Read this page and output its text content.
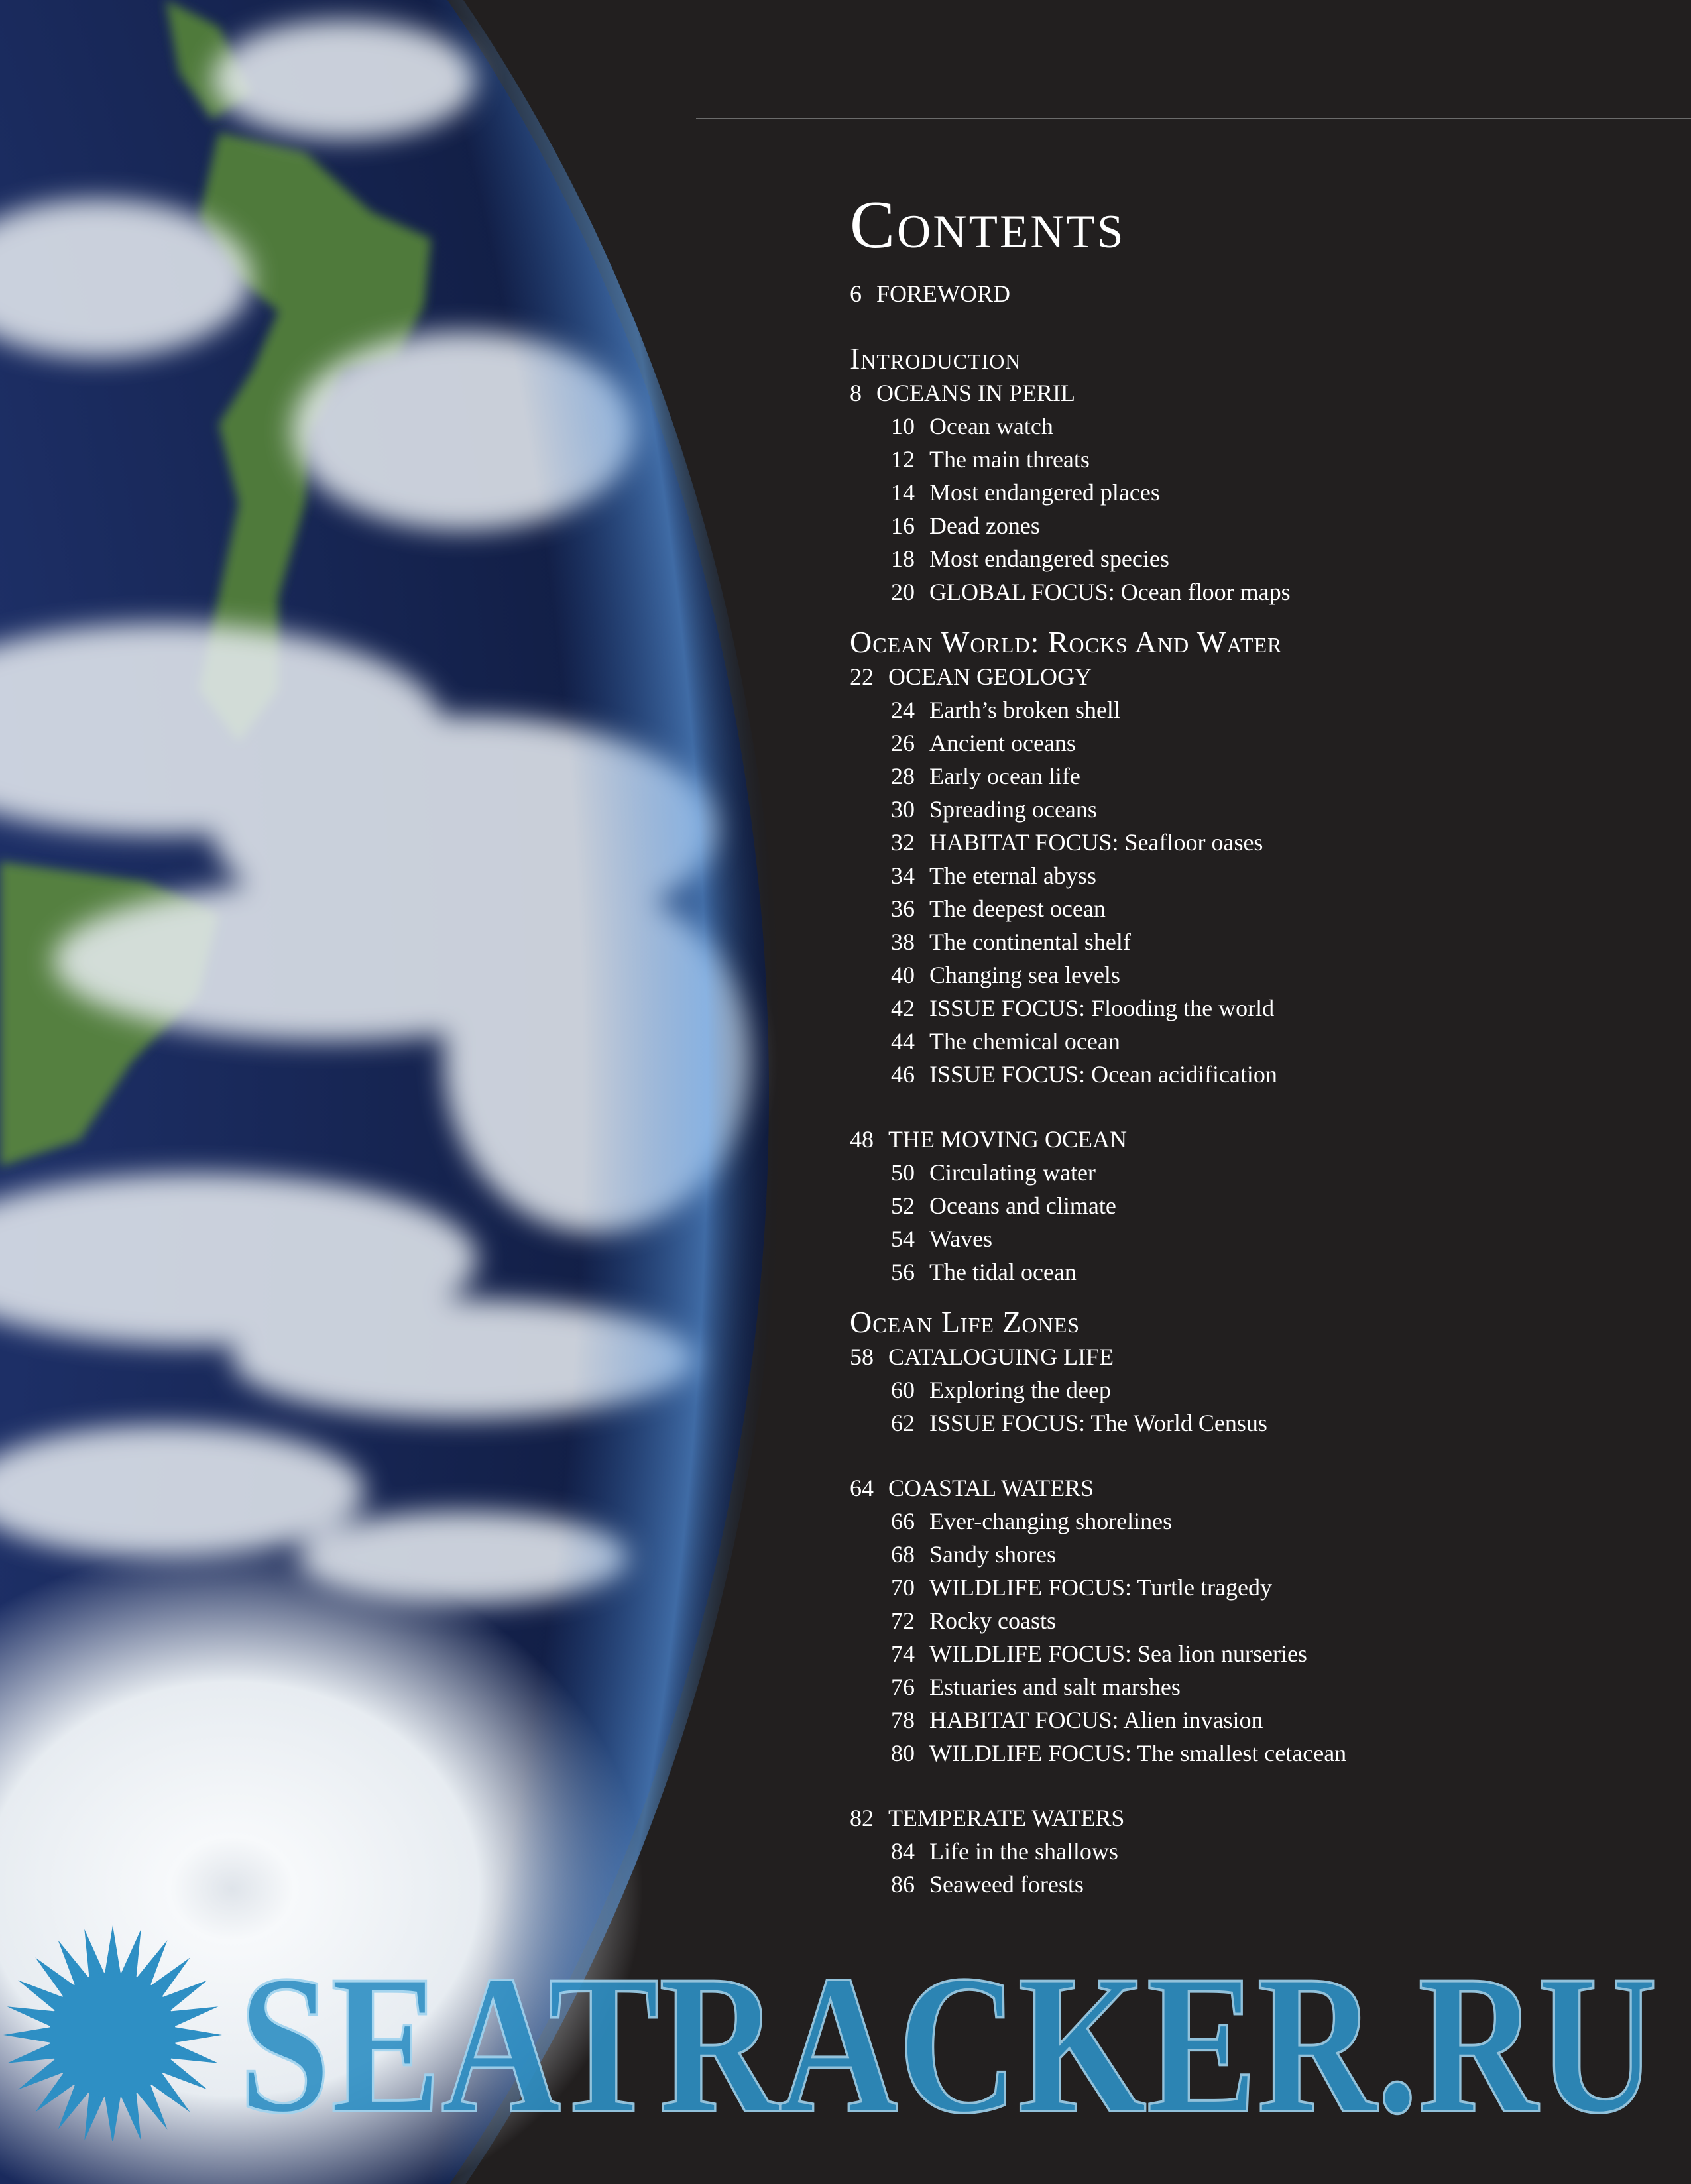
Contents
6 FOREWORD
Introduction
8 OCEANS IN PERIL
10 Ocean watch
12 The main threats
14 Most endangered places
16 Dead zones
18 Most endangered species
20 GLOBAL FOCUS: Ocean floor maps
Ocean World: Rocks And Water
22 OCEAN GEOLOGY
24 Earth’s broken shell
26 Ancient oceans
28 Early ocean life
30 Spreading oceans
32 HABITAT FOCUS: Seafloor oases
34 The eternal abyss
36 The deepest ocean
38 The continental shelf
40 Changing sea levels
42 ISSUE FOCUS: Flooding the world
44 The chemical ocean
46 ISSUE FOCUS: Ocean acidification
48 THE MOVING OCEAN
50 Circulating water
52 Oceans and climate
54 Waves
56 The tidal ocean
Ocean Life Zones
58 CATALOGUING LIFE
60 Exploring the deep
62 ISSUE FOCUS: The World Census
64 COASTAL WATERS
66 Ever-changing shorelines
68 Sandy shores
70 WILDLIFE FOCUS: Turtle tragedy
72 Rocky coasts
74 WILDLIFE FOCUS: Sea lion nurseries
76 Estuaries and salt marshes
78 HABITAT FOCUS: Alien invasion
80 WILDLIFE FOCUS: The smallest cetacean
82 TEMPERATE WATERS
84 Life in the shallows
86 Seaweed forests
SEATRACKER.RU
